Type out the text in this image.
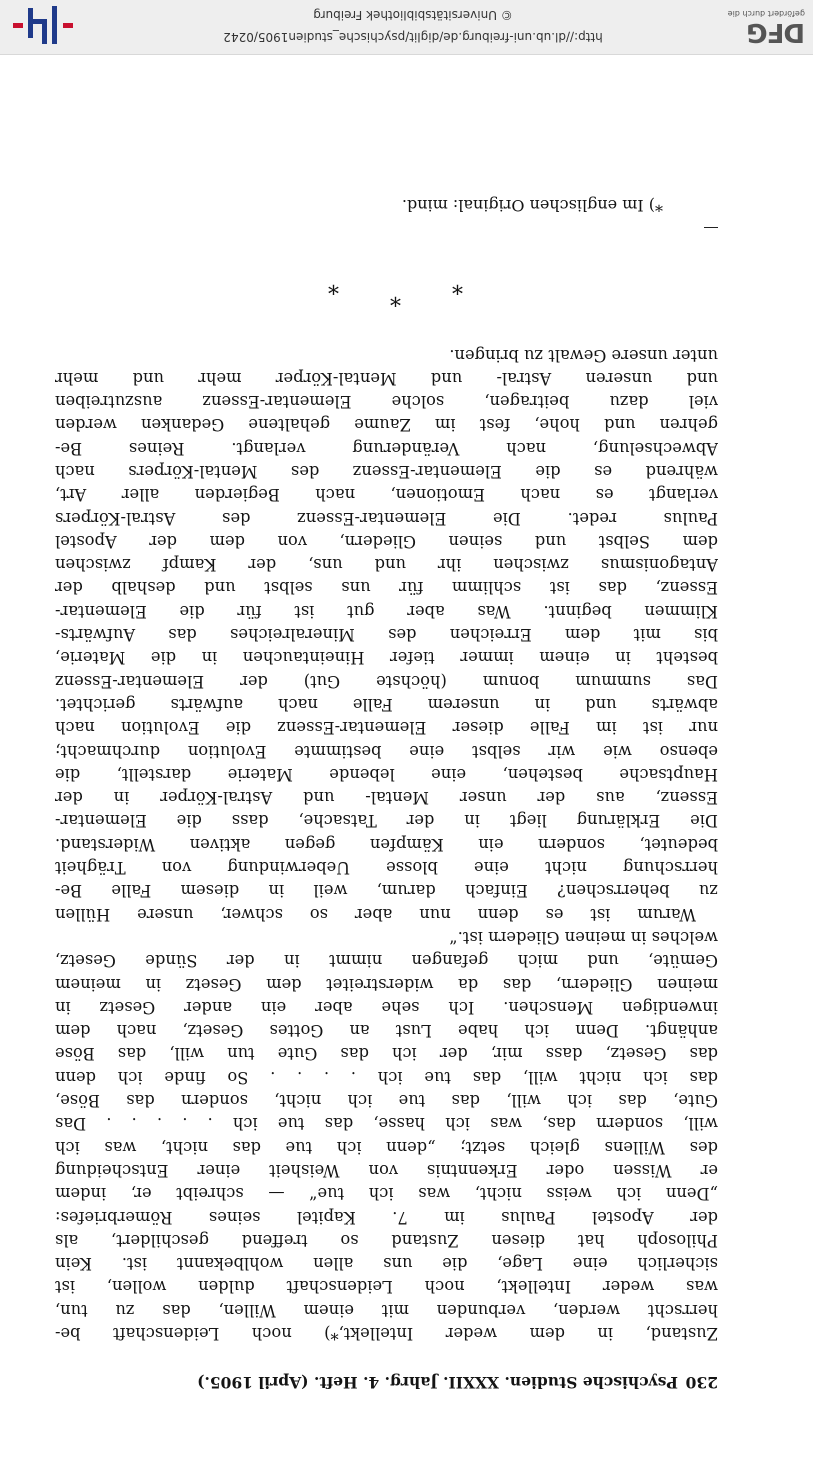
230
Psychische Studien. XXXII. Jahrg. 4. Heft. (April 1905.)
Zustand, in dem weder Intellekt,*) noch Leidenschaft be-
herrscht werden, verbunden mit einem Willen, das zu tun,
was weder Intellekt, noch Leidenschaft dulden wollen, ist
sicherlich eine Lage, die uns allen wohlbekannt ist. Kein
Philosoph hat diesen Zustand so treffend geschildert, als
der Apostel Paulus im 7. Kapitel seines Römerbriefes:
„Denn ich weiss nicht, was ich tue“ — schreibt er, indem
er Wissen oder Erkenntnis von Weisheit einer Entscheidung
des Willens gleich setzt; „denn ich tue das nicht, was ich
will, sondern das, was ich hasse, das tue ich . . . . . Das
Gute, das ich will, das tue ich nicht, sondern das Böse,
das ich nicht will, das tue ich . . . . So finde ich denn
das Gesetz, dass mir, der ich das Gute tun will, das Böse
anhängt. Denn ich habe Lust an Gottes Gesetz, nach dem
inwendigen Menschen. Ich sehe aber ein ander Gesetz in
meinen Gliedern, das da widerstreitet dem Gesetz in meinem
Gemüte, und mich gefangen nimmt in der Sünde Gesetz,
welches in meinen Gliedern ist.“
Warum ist es denn nun aber so schwer, unsere Hüllen
zu beherrschen? Einfach darum, weil in diesem Falle Be-
herrschung nicht eine blosse Ueberwindung von Trägheit
bedeutet, sondern ein Kämpfen gegen aktiven Widerstand.
Die Erklärung liegt in der Tatsache, dass die Elementar-
Essenz, aus der unser Mental- und Astral-Körper in der
Hauptsache bestehen, eine lebende Materie darstellt, die
ebenso wie wir selbst eine bestimmte Evolution durchmacht;
nur ist im Falle dieser Elementar-Essenz die Evolution nach
abwärts und in unserem Falle nach aufwärts gerichtet.
Das summum bonum (höchste Gut) der Elementar-Essenz
besteht in einem immer tiefer Hineintauchen in die Materie,
bis mit dem Erreichen des Mineralreiches das Aufwärts-
Klimmen beginnt. Was aber gut ist für die Elementar-
Essenz, das ist schlimm für uns selbst und deshalb der
Antagonismus zwischen ihr und uns, der Kampf zwischen
dem Selbst und seinen Gliedern, von dem der Apostel
Paulus redet. Die Elementar-Essenz des Astral-Körpers
verlangt es nach Emotionen, nach Begierden aller Art,
während es die Elementar-Essenz des Mental-Körpers nach
Abwechselung, nach Veränderung verlangt. Reines Be-
gehren und hohe, fest im Zaume gehaltene Gedanken werden
viel dazu beitragen, solche Elementar-Essenz auszutreiben
und unseren Astral- und Mental-Körper mehr und mehr
unter unsere Gewalt zu bringen.
*
*
*
*) Im englischen Original: mind.
http://dl.ub.uni-freiburg.de/diglit/psychische_studien1905/0242
© Universitätsbibliothek Freiburg
DFG
gefördert durch die
